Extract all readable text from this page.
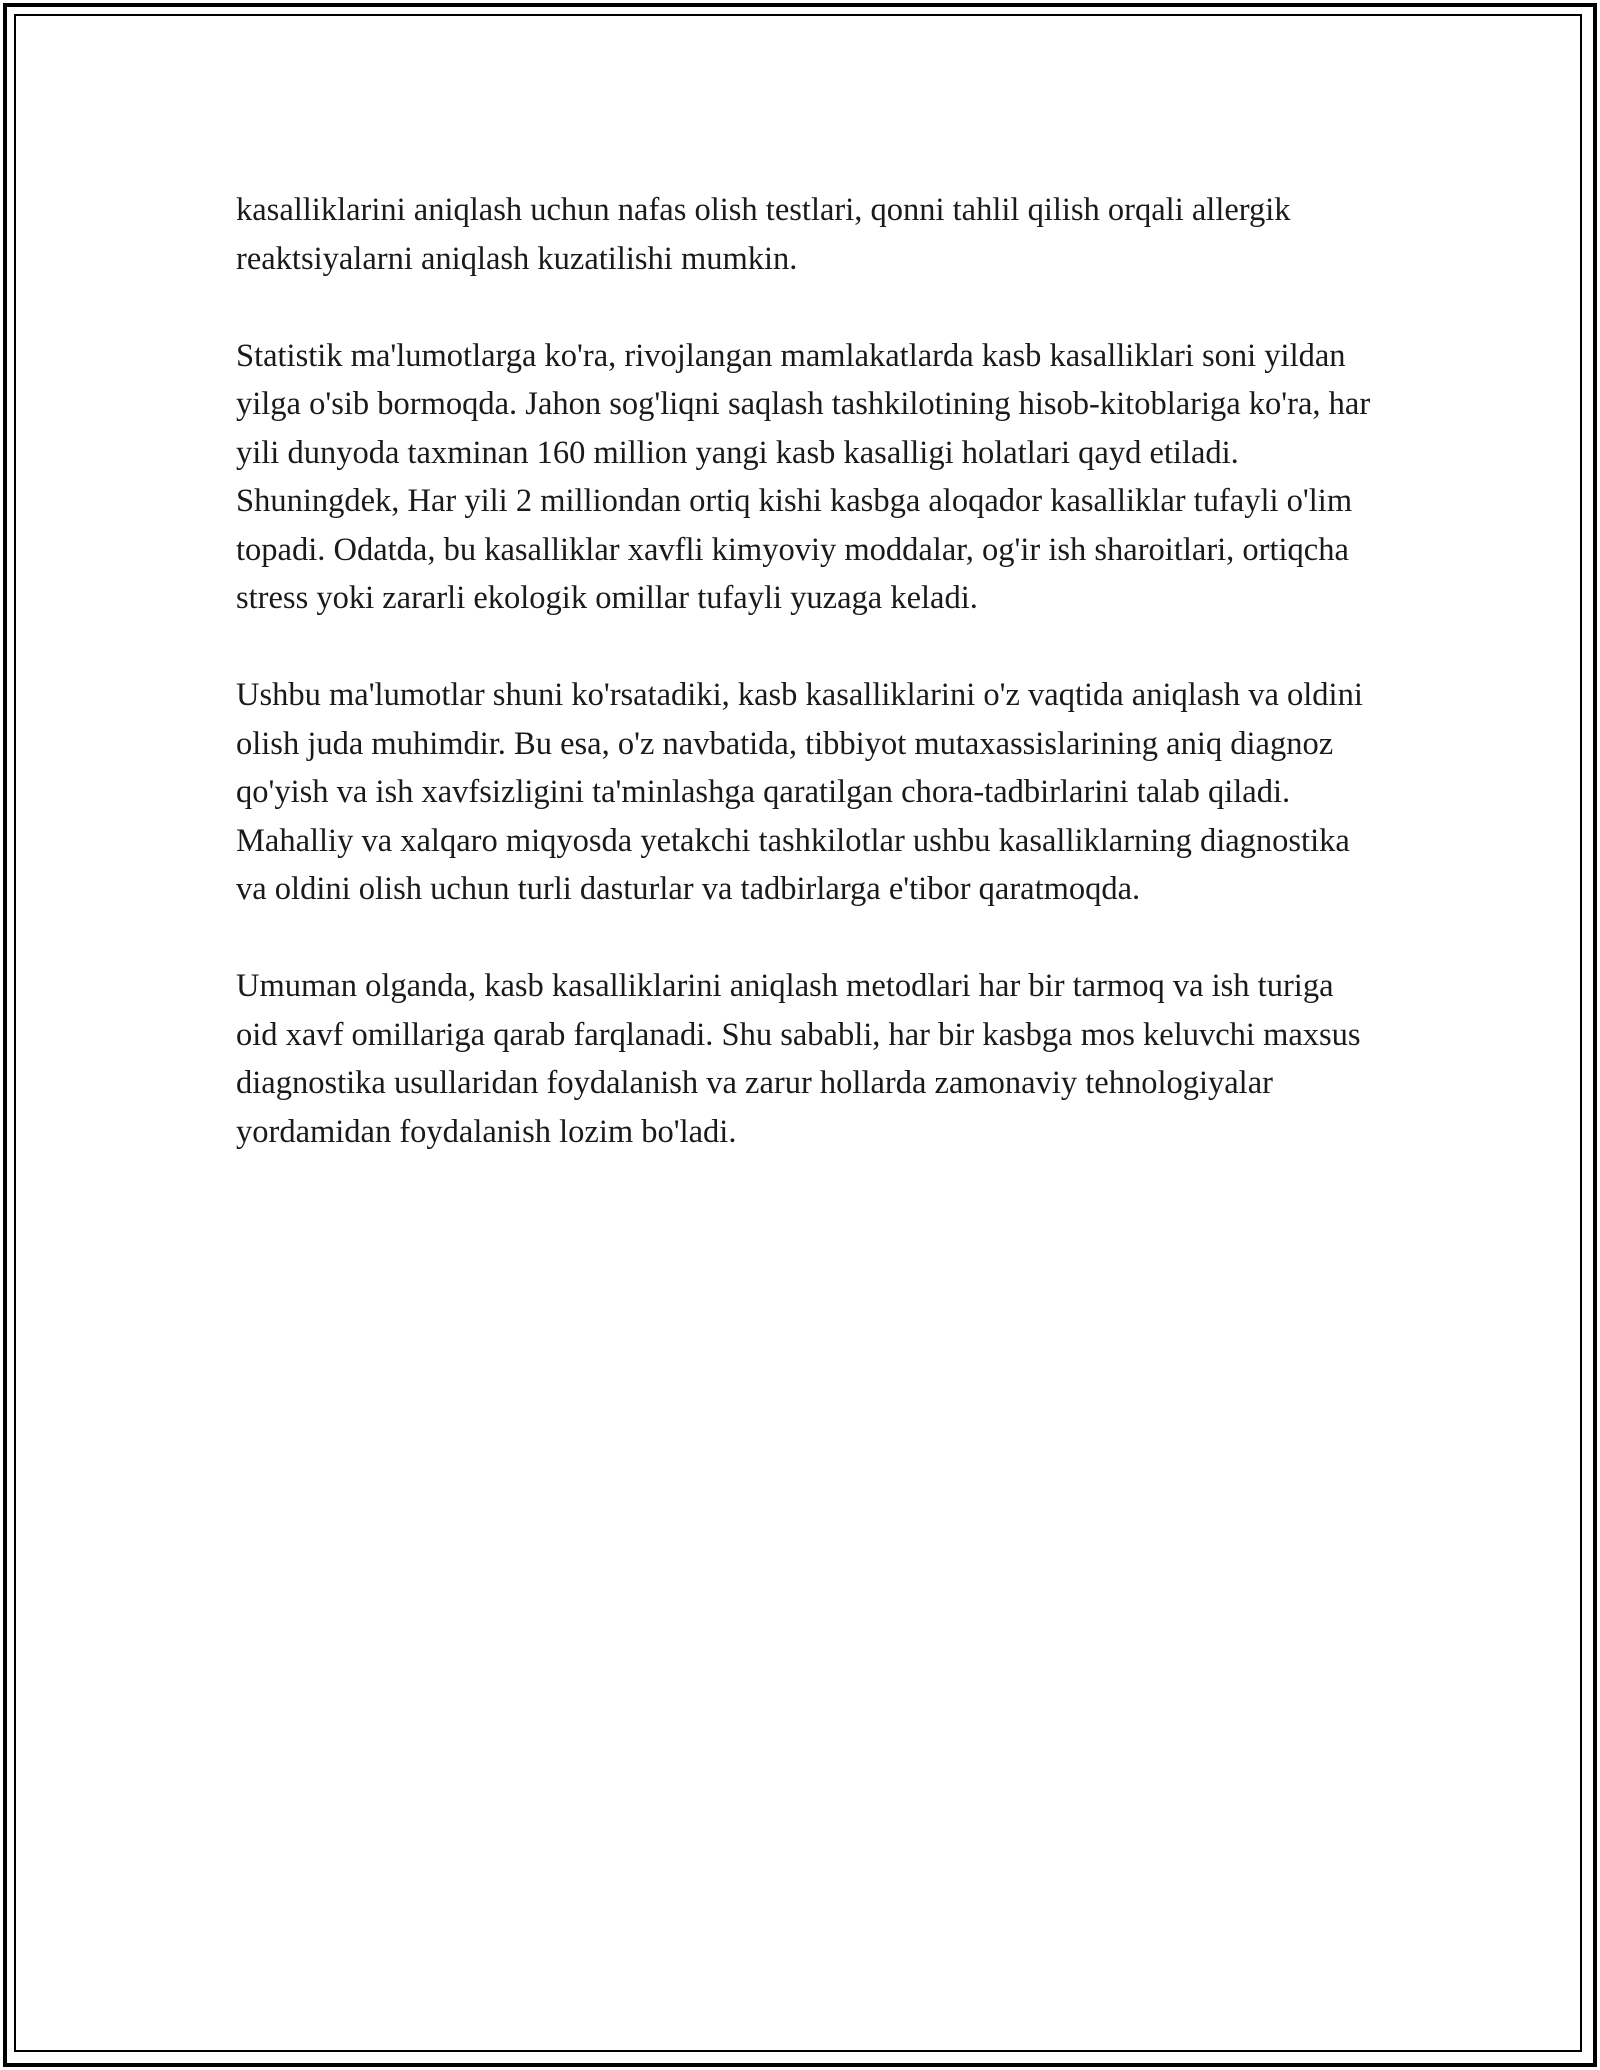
kasalliklarini aniqlash uchun nafas olish testlari, qonni tahlil qilish orqali allergik reaktsiyalarni aniqlash kuzatilishi mumkin.

Statistik ma'lumotlarga ko'ra, rivojlangan mamlakatlarda kasb kasalliklari soni yildan yilga o'sib bormoqda. Jahon sog'liqni saqlash tashkilotining hisob-kitoblariga ko'ra, har yili dunyoda taxminan 160 million yangi kasb kasalligi holatlari qayd etiladi. Shuningdek, Har yili 2 milliondan ortiq kishi kasbga aloqador kasalliklar tufayli o'lim topadi. Odatda, bu kasalliklar xavfli kimyoviy moddalar, og'ir ish sharoitlari, ortiqcha stress yoki zararli ekologik omillar tufayli yuzaga keladi.

Ushbu ma'lumotlar shuni ko'rsatadiki, kasb kasalliklarini o'z vaqtida aniqlash va oldini olish juda muhimdir. Bu esa, o'z navbatida, tibbiyot mutaxassislarining aniq diagnoz qo'yish va ish xavfsizligini ta'minlashga qaratilgan chora-tadbirlarini talab qiladi. Mahalliy va xalqaro miqyosda yetakchi tashkilotlar ushbu kasalliklarning diagnostika va oldini olish uchun turli dasturlar va tadbirlarga e'tibor qaratmoqda.

Umuman olganda, kasb kasalliklarini aniqlash metodlari har bir tarmoq va ish turiga oid xavf omillariga qarab farqlanadi. Shu sababli, har bir kasbga mos keluvchi maxsus diagnostika usullaridan foydalanish va zarur hollarda zamonaviy tehnologiyalar yordamidan foydalanish lozim bo'ladi.
